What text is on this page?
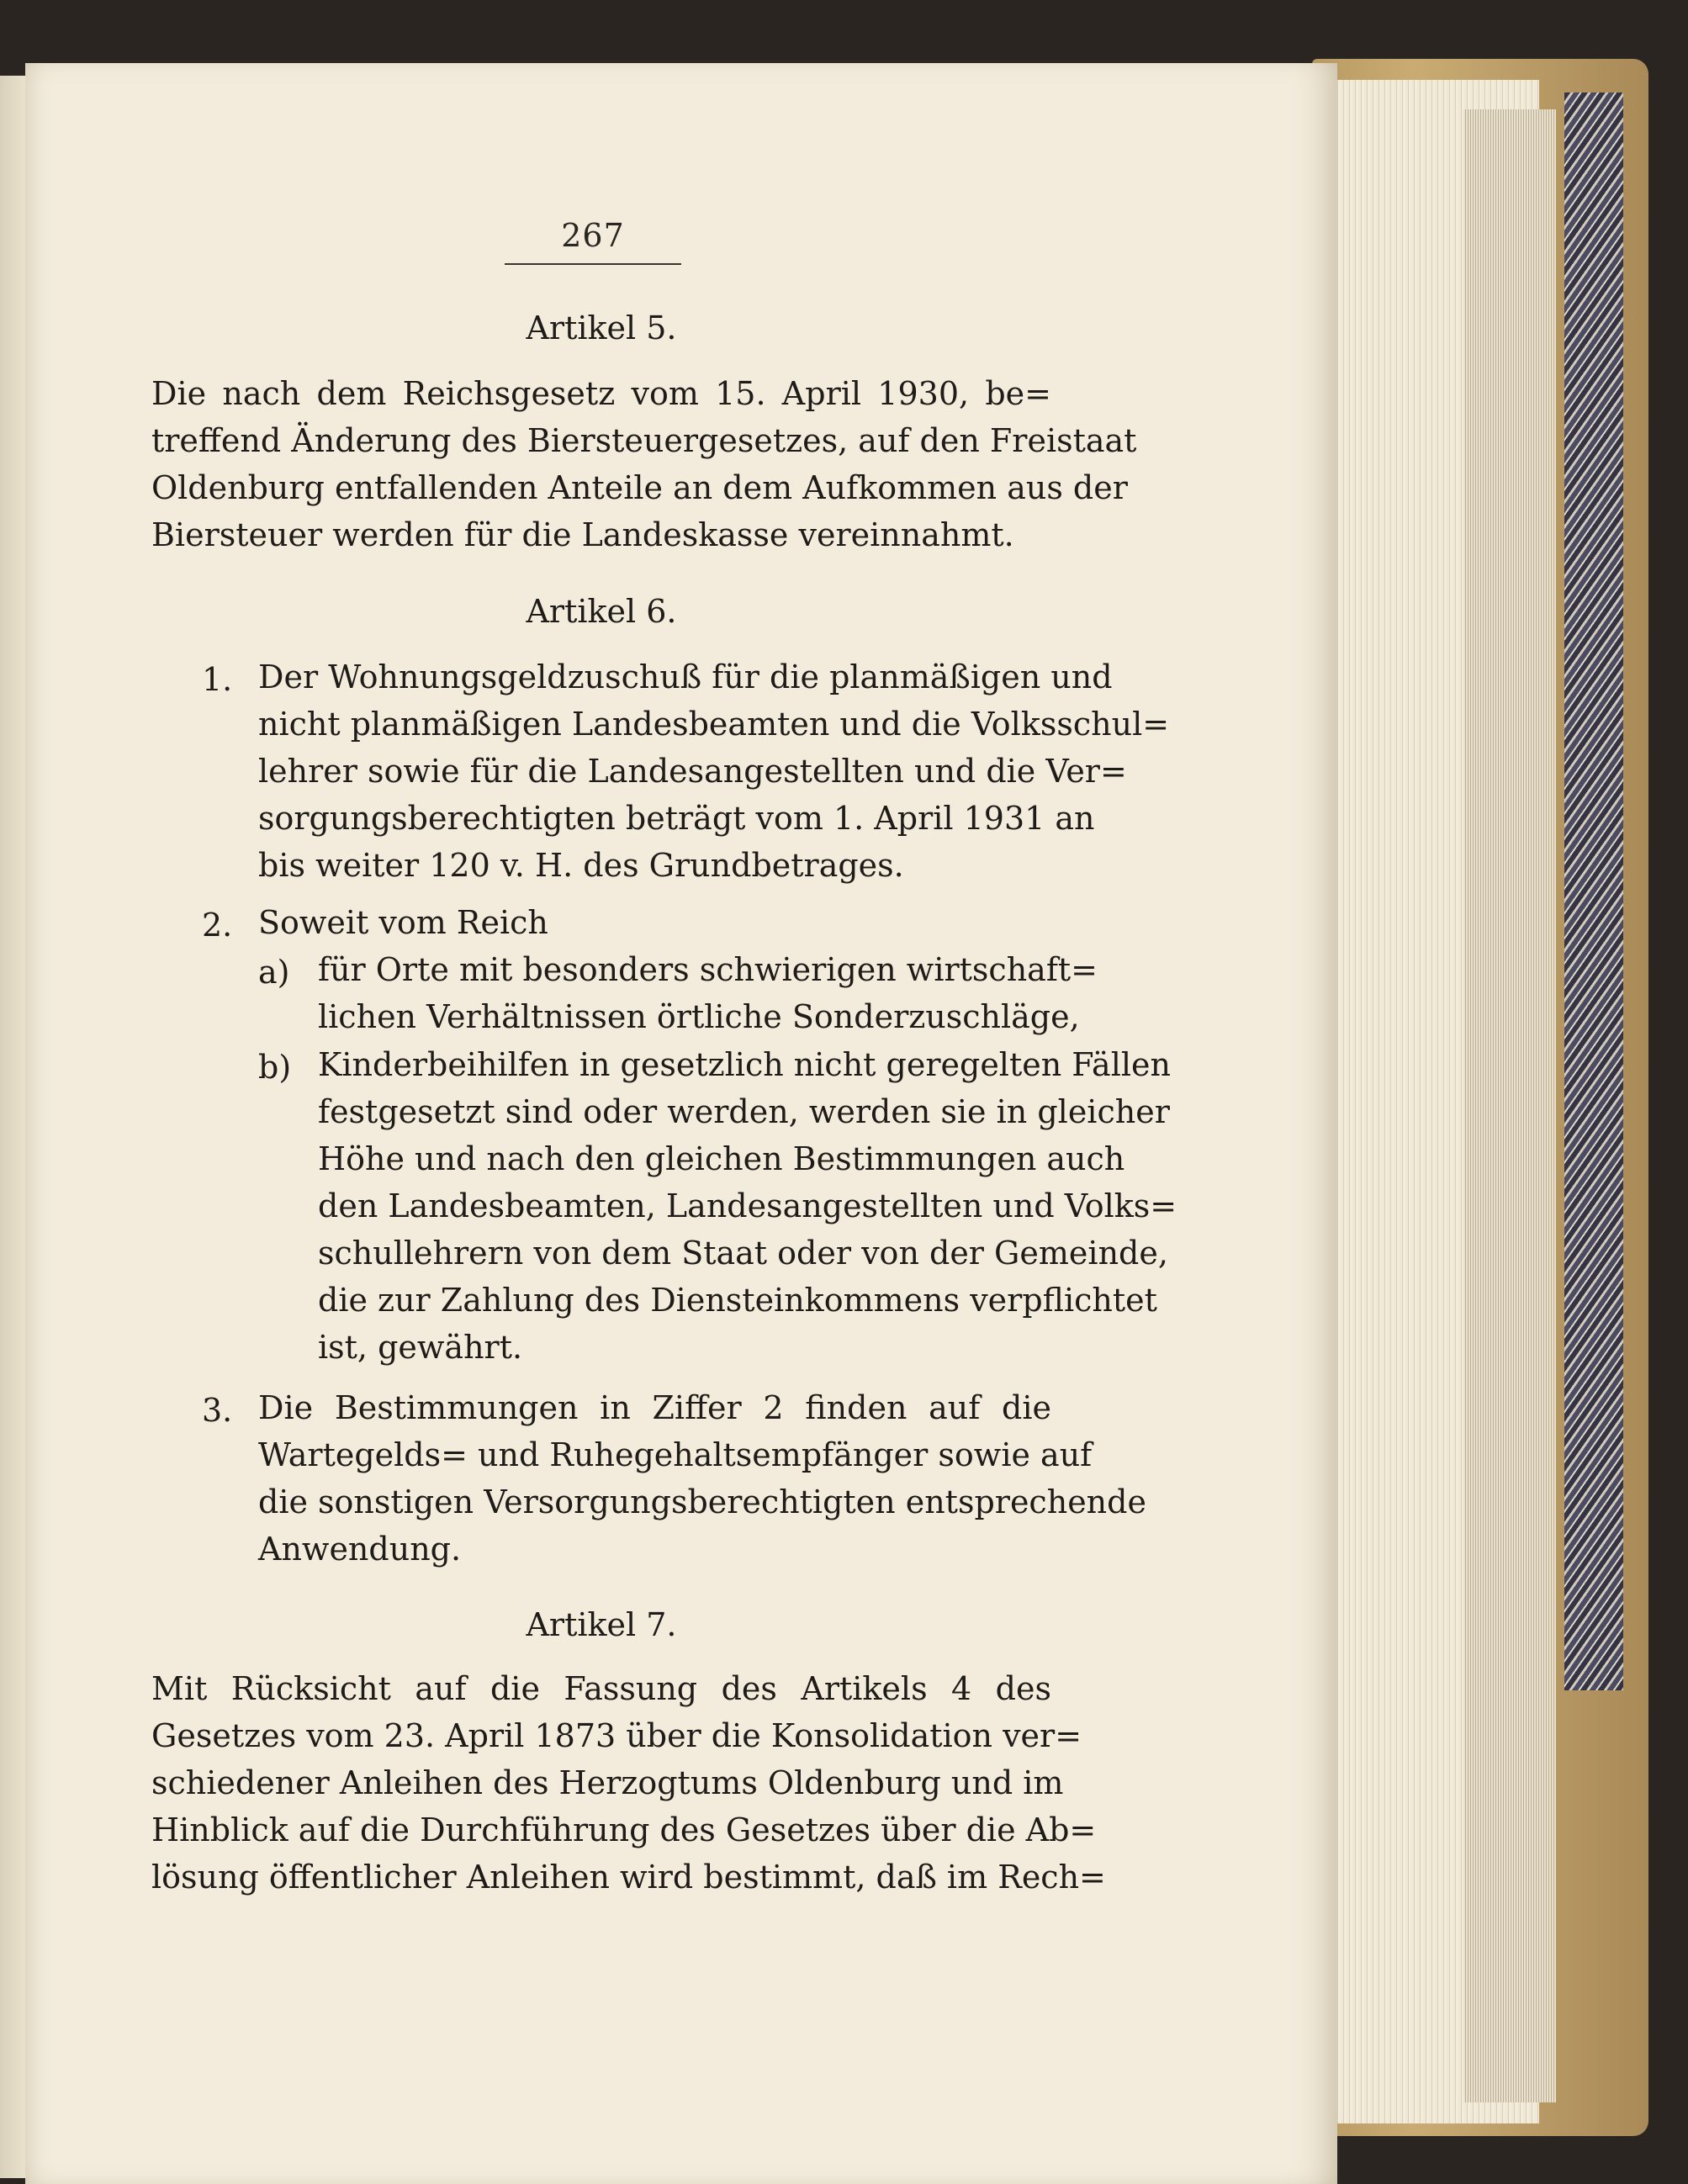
267
Artikel 5.
Die nach dem Reichsgesetz vom 15. April 1930, be=
treffend Änderung des Biersteuergesetzes, auf den Freistaat
Oldenburg entfallenden Anteile an dem Aufkommen aus der
Biersteuer werden für die Landeskasse vereinnahmt.
Artikel 6.
1. Der Wohnungsgeldzuschuß für die planmäßigen und
nicht planmäßigen Landesbeamten und die Volksschul=
lehrer sowie für die Landesangestellten und die Ver=
sorgungsberechtigten beträgt vom 1. April 1931 an
bis weiter 120 v. H. des Grundbetrages.
2. Soweit vom Reich
a) für Orte mit besonders schwierigen wirtschaft=
lichen Verhältnissen örtliche Sonderzuschläge,
b) Kinderbeihilfen in gesetzlich nicht geregelten Fällen
festgesetzt sind oder werden, werden sie in gleicher
Höhe und nach den gleichen Bestimmungen auch
den Landesbeamten, Landesangestellten und Volks=
schullehrern von dem Staat oder von der Gemeinde,
die zur Zahlung des Diensteinkommens verpflichtet
ist, gewährt.
3. Die Bestimmungen in Ziffer 2 finden auf die
Wartegelds= und Ruhegehaltsempfänger sowie auf
die sonstigen Versorgungsberechtigten entsprechende
Anwendung.
Artikel 7.
Mit Rücksicht auf die Fassung des Artikels 4 des
Gesetzes vom 23. April 1873 über die Konsolidation ver=
schiedener Anleihen des Herzogtums Oldenburg und im
Hinblick auf die Durchführung des Gesetzes über die Ab=
lösung öffentlicher Anleihen wird bestimmt, daß im Rech=
